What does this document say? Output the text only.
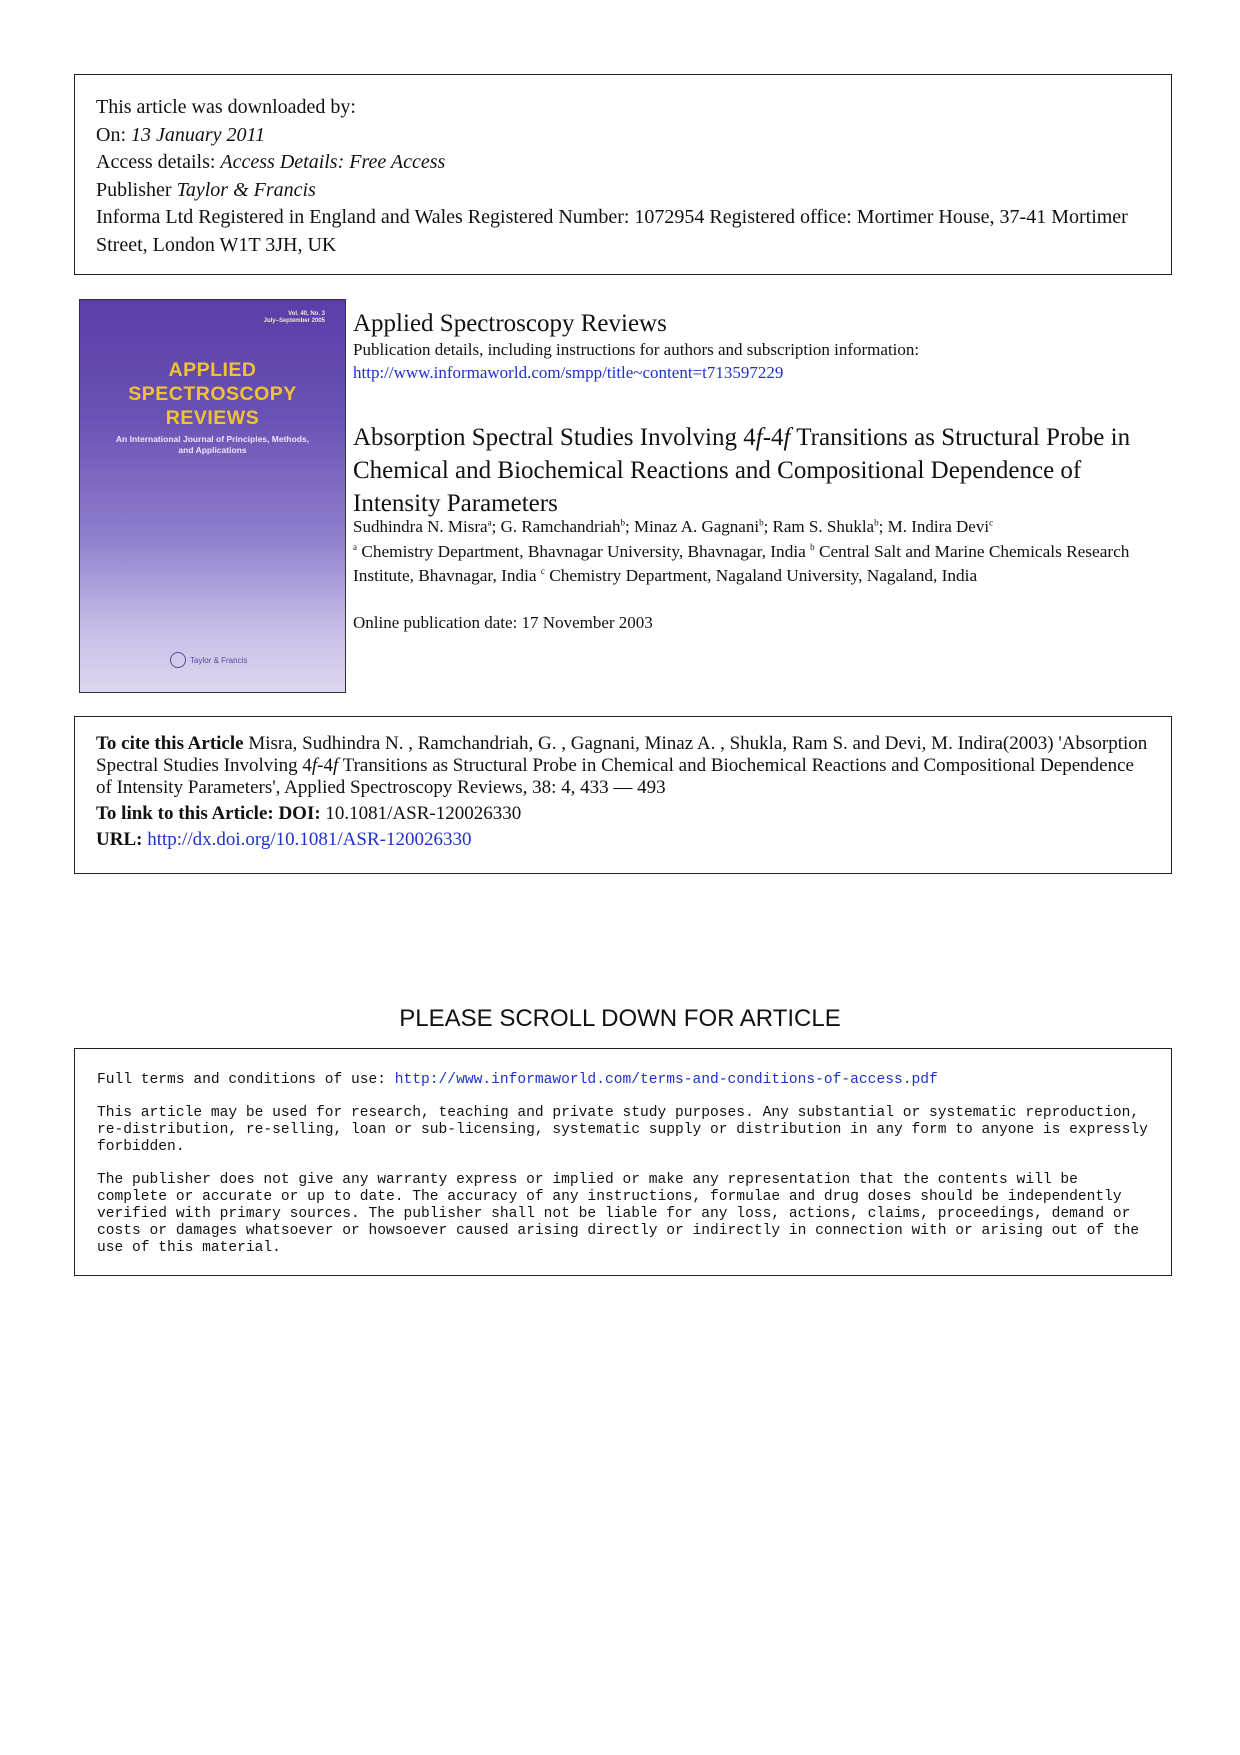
This article was downloaded by:
On: 13 January 2011
Access details: Access Details: Free Access
Publisher Taylor & Francis
Informa Ltd Registered in England and Wales Registered Number: 1072954 Registered office: Mortimer House, 37-41 Mortimer Street, London W1T 3JH, UK
Vol. 40, No. 3
July–September 2005
APPLIED
SPECTROSCOPY
REVIEWS
An International Journal of Principles, Methods, and Applications
Taylor & Francis
Applied Spectroscopy Reviews
Publication details, including instructions for authors and subscription information:
http://www.informaworld.com/smpp/title~content=t713597229
Absorption Spectral Studies Involving 4f-4f Transitions as Structural Probe in Chemical and Biochemical Reactions and Compositional Dependence of Intensity Parameters
Sudhindra N. Misra$^a$; G. Ramchandriah$^b$; Minaz A. Gagnani$^b$; Ram S. Shukla$^b$; M. Indira Devi$^c$
$^a$ Chemistry Department, Bhavnagar University, Bhavnagar, India $^b$ Central Salt and Marine Chemicals Research Institute, Bhavnagar, India $^c$ Chemistry Department, Nagaland University, Nagaland, India
Online publication date: 17 November 2003
To cite this Article Misra, Sudhindra N. , Ramchandriah, G. , Gagnani, Minaz A. , Shukla, Ram S. and Devi, M. Indira(2003) 'Absorption Spectral Studies Involving 4f-4f Transitions as Structural Probe in Chemical and Biochemical Reactions and Compositional Dependence of Intensity Parameters', Applied Spectroscopy Reviews, 38: 4, 433 — 493
To link to this Article: DOI: 10.1081/ASR-120026330
URL: http://dx.doi.org/10.1081/ASR-120026330
PLEASE SCROLL DOWN FOR ARTICLE
Full terms and conditions of use: http://www.informaworld.com/terms-and-conditions-of-access.pdf
This article may be used for research, teaching and private study purposes. Any substantial or systematic reproduction, re-distribution, re-selling, loan or sub-licensing, systematic supply or distribution in any form to anyone is expressly forbidden.
The publisher does not give any warranty express or implied or make any representation that the contents will be complete or accurate or up to date. The accuracy of any instructions, formulae and drug doses should be independently verified with primary sources. The publisher shall not be liable for any loss, actions, claims, proceedings, demand or costs or damages whatsoever or howsoever caused arising directly or indirectly in connection with or arising out of the use of this material.
